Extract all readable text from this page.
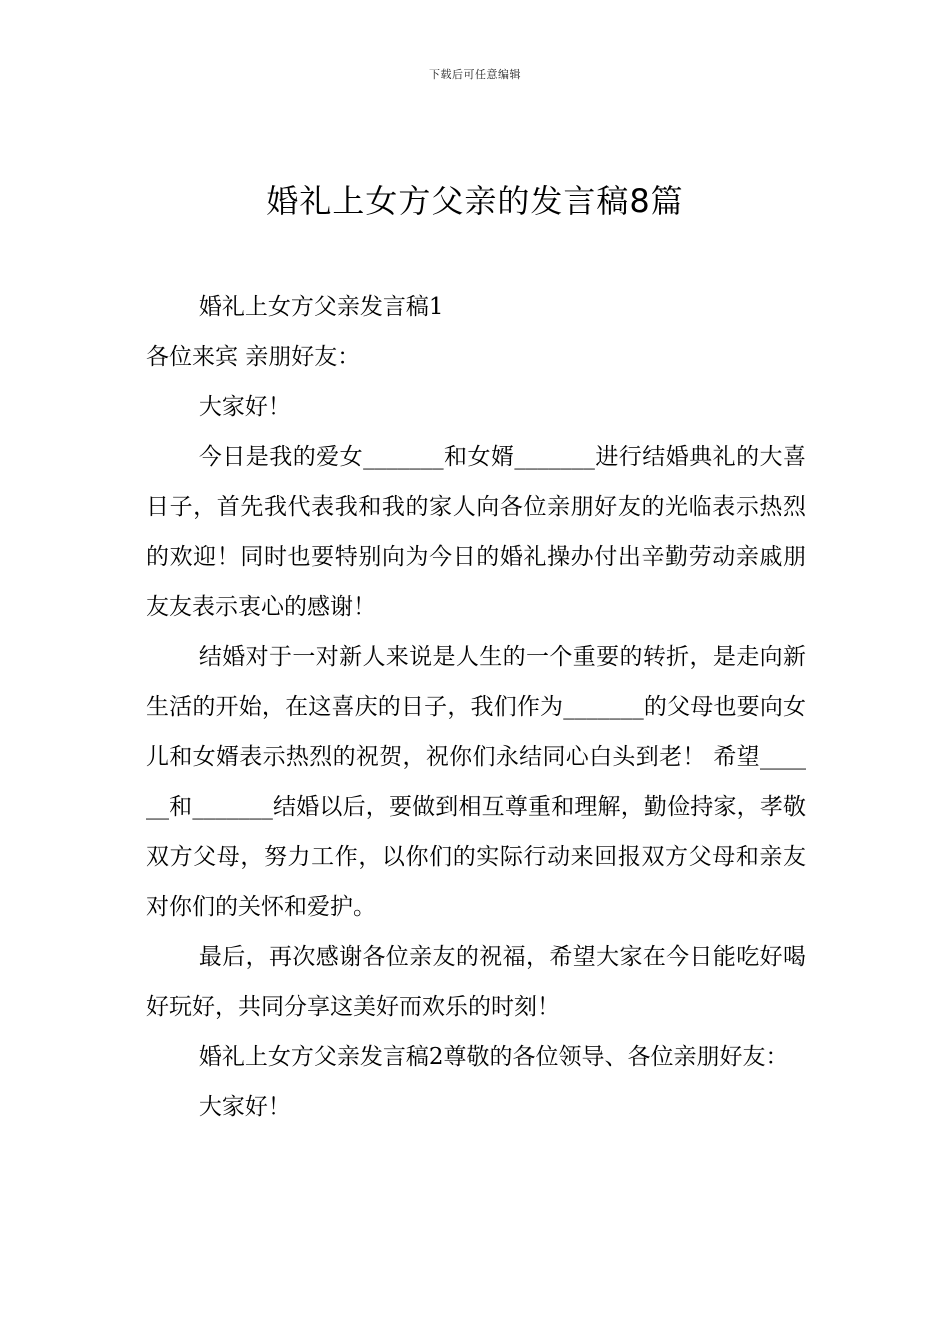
下载后可任意编辑
婚礼上女方父亲的发言稿8篇

婚礼上女方父亲发言稿1

各位来宾 亲朋好友：

大家好！

今日是我的爱女_______和女婿_______进行结婚典礼的大喜日子，首先我代表我和我的家人向各位亲朋好友的光临表示热烈的欢迎！同时也要特别向为今日的婚礼操办付出辛勤劳动亲戚朋友友表示衷心的感谢！

结婚对于一对新人来说是人生的一个重要的转折，是走向新生活的开始，在这喜庆的日子，我们作为_______的父母也要向女儿和女婿表示热烈的祝贺，祝你们永结同心白头到老！ 希望______和_______结婚以后，要做到相互尊重和理解，勤俭持家，孝敬双方父母，努力工作，以你们的实际行动来回报双方父母和亲友对你们的关怀和爱护。

最后，再次感谢各位亲友的祝福，希望大家在今日能吃好喝好玩好，共同分享这美好而欢乐的时刻！

婚礼上女方父亲发言稿2尊敬的各位领导、各位亲朋好友：

大家好！
